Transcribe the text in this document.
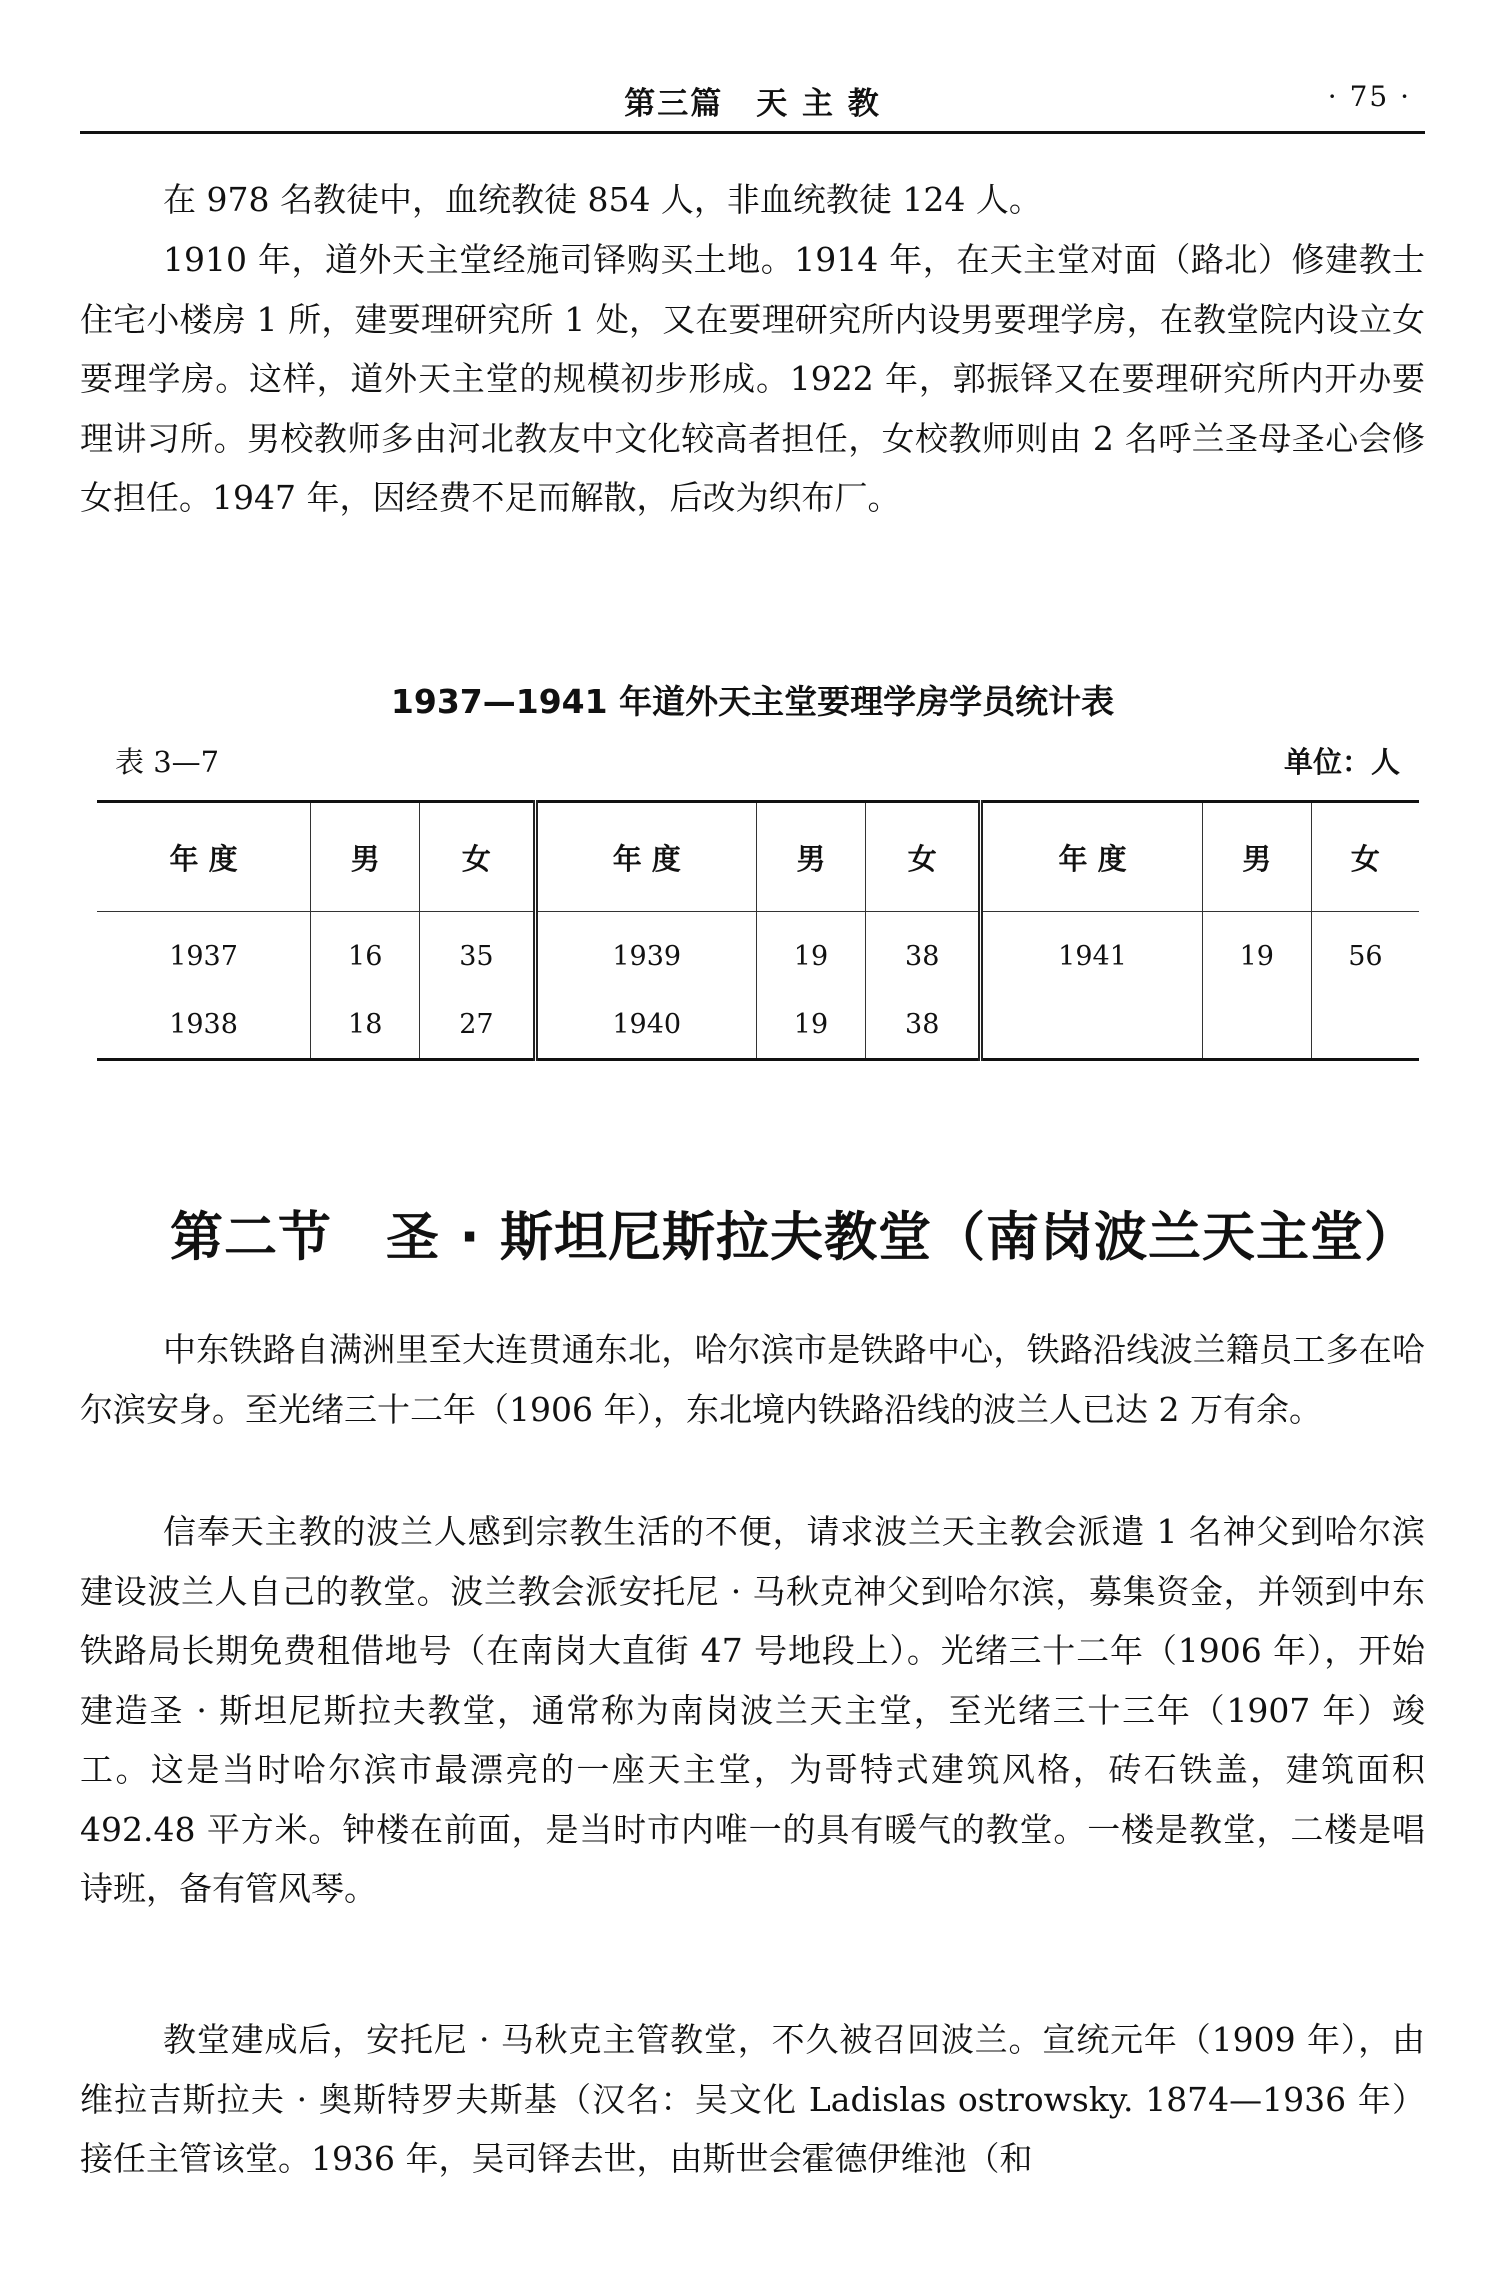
第三篇　天 主 教	· 75 ·

在 978 名教徒中，血统教徒 854 人，非血统教徒 124 人。

1910 年，道外天主堂经施司铎购买土地。1914 年，在天主堂对面（路北）修建教士住宅小楼房 1 所，建要理研究所 1 处，又在要理研究所内设男要理学房，在教堂院内设立女要理学房。这样，道外天主堂的规模初步形成。1922 年，郭振铎又在要理研究所内开办要理讲习所。男校教师多由河北教友中文化较高者担任，女校教师则由 2 名呼兰圣母圣心会修女担任。1947 年，因经费不足而解散，后改为织布厂。

1937—1941 年道外天主堂要理学房学员统计表
表 3—7	单位：人
年 度	男	女	年 度	男	女	年 度	男	女
1937	16	35	1939	19	38	1941	19	56
1938	18	27	1940	19	38			
第二节　圣 · 斯坦尼斯拉夫教堂（南岗波兰天主堂）

中东铁路自满洲里至大连贯通东北，哈尔滨市是铁路中心，铁路沿线波兰籍员工多在哈尔滨安身。至光绪三十二年（1906 年），东北境内铁路沿线的波兰人已达 2 万有余。

信奉天主教的波兰人感到宗教生活的不便，请求波兰天主教会派遣 1 名神父到哈尔滨建设波兰人自己的教堂。波兰教会派安托尼 · 马秋克神父到哈尔滨，募集资金，并领到中东铁路局长期免费租借地号（在南岗大直街 47 号地段上）。光绪三十二年（1906 年），开始建造圣 · 斯坦尼斯拉夫教堂，通常称为南岗波兰天主堂，至光绪三十三年（1907 年）竣工。这是当时哈尔滨市最漂亮的一座天主堂，为哥特式建筑风格，砖石铁盖，建筑面积 492.48 平方米。钟楼在前面，是当时市内唯一的具有暖气的教堂。一楼是教堂，二楼是唱诗班，备有管风琴。

教堂建成后，安托尼 · 马秋克主管教堂，不久被召回波兰。宣统元年（1909 年），由维拉吉斯拉夫 · 奥斯特罗夫斯基（汉名：吴文化 Ladislas ostrowsky. 1874—1936 年）接任主管该堂。1936 年，吴司铎去世，由斯世会霍德伊维池（和
